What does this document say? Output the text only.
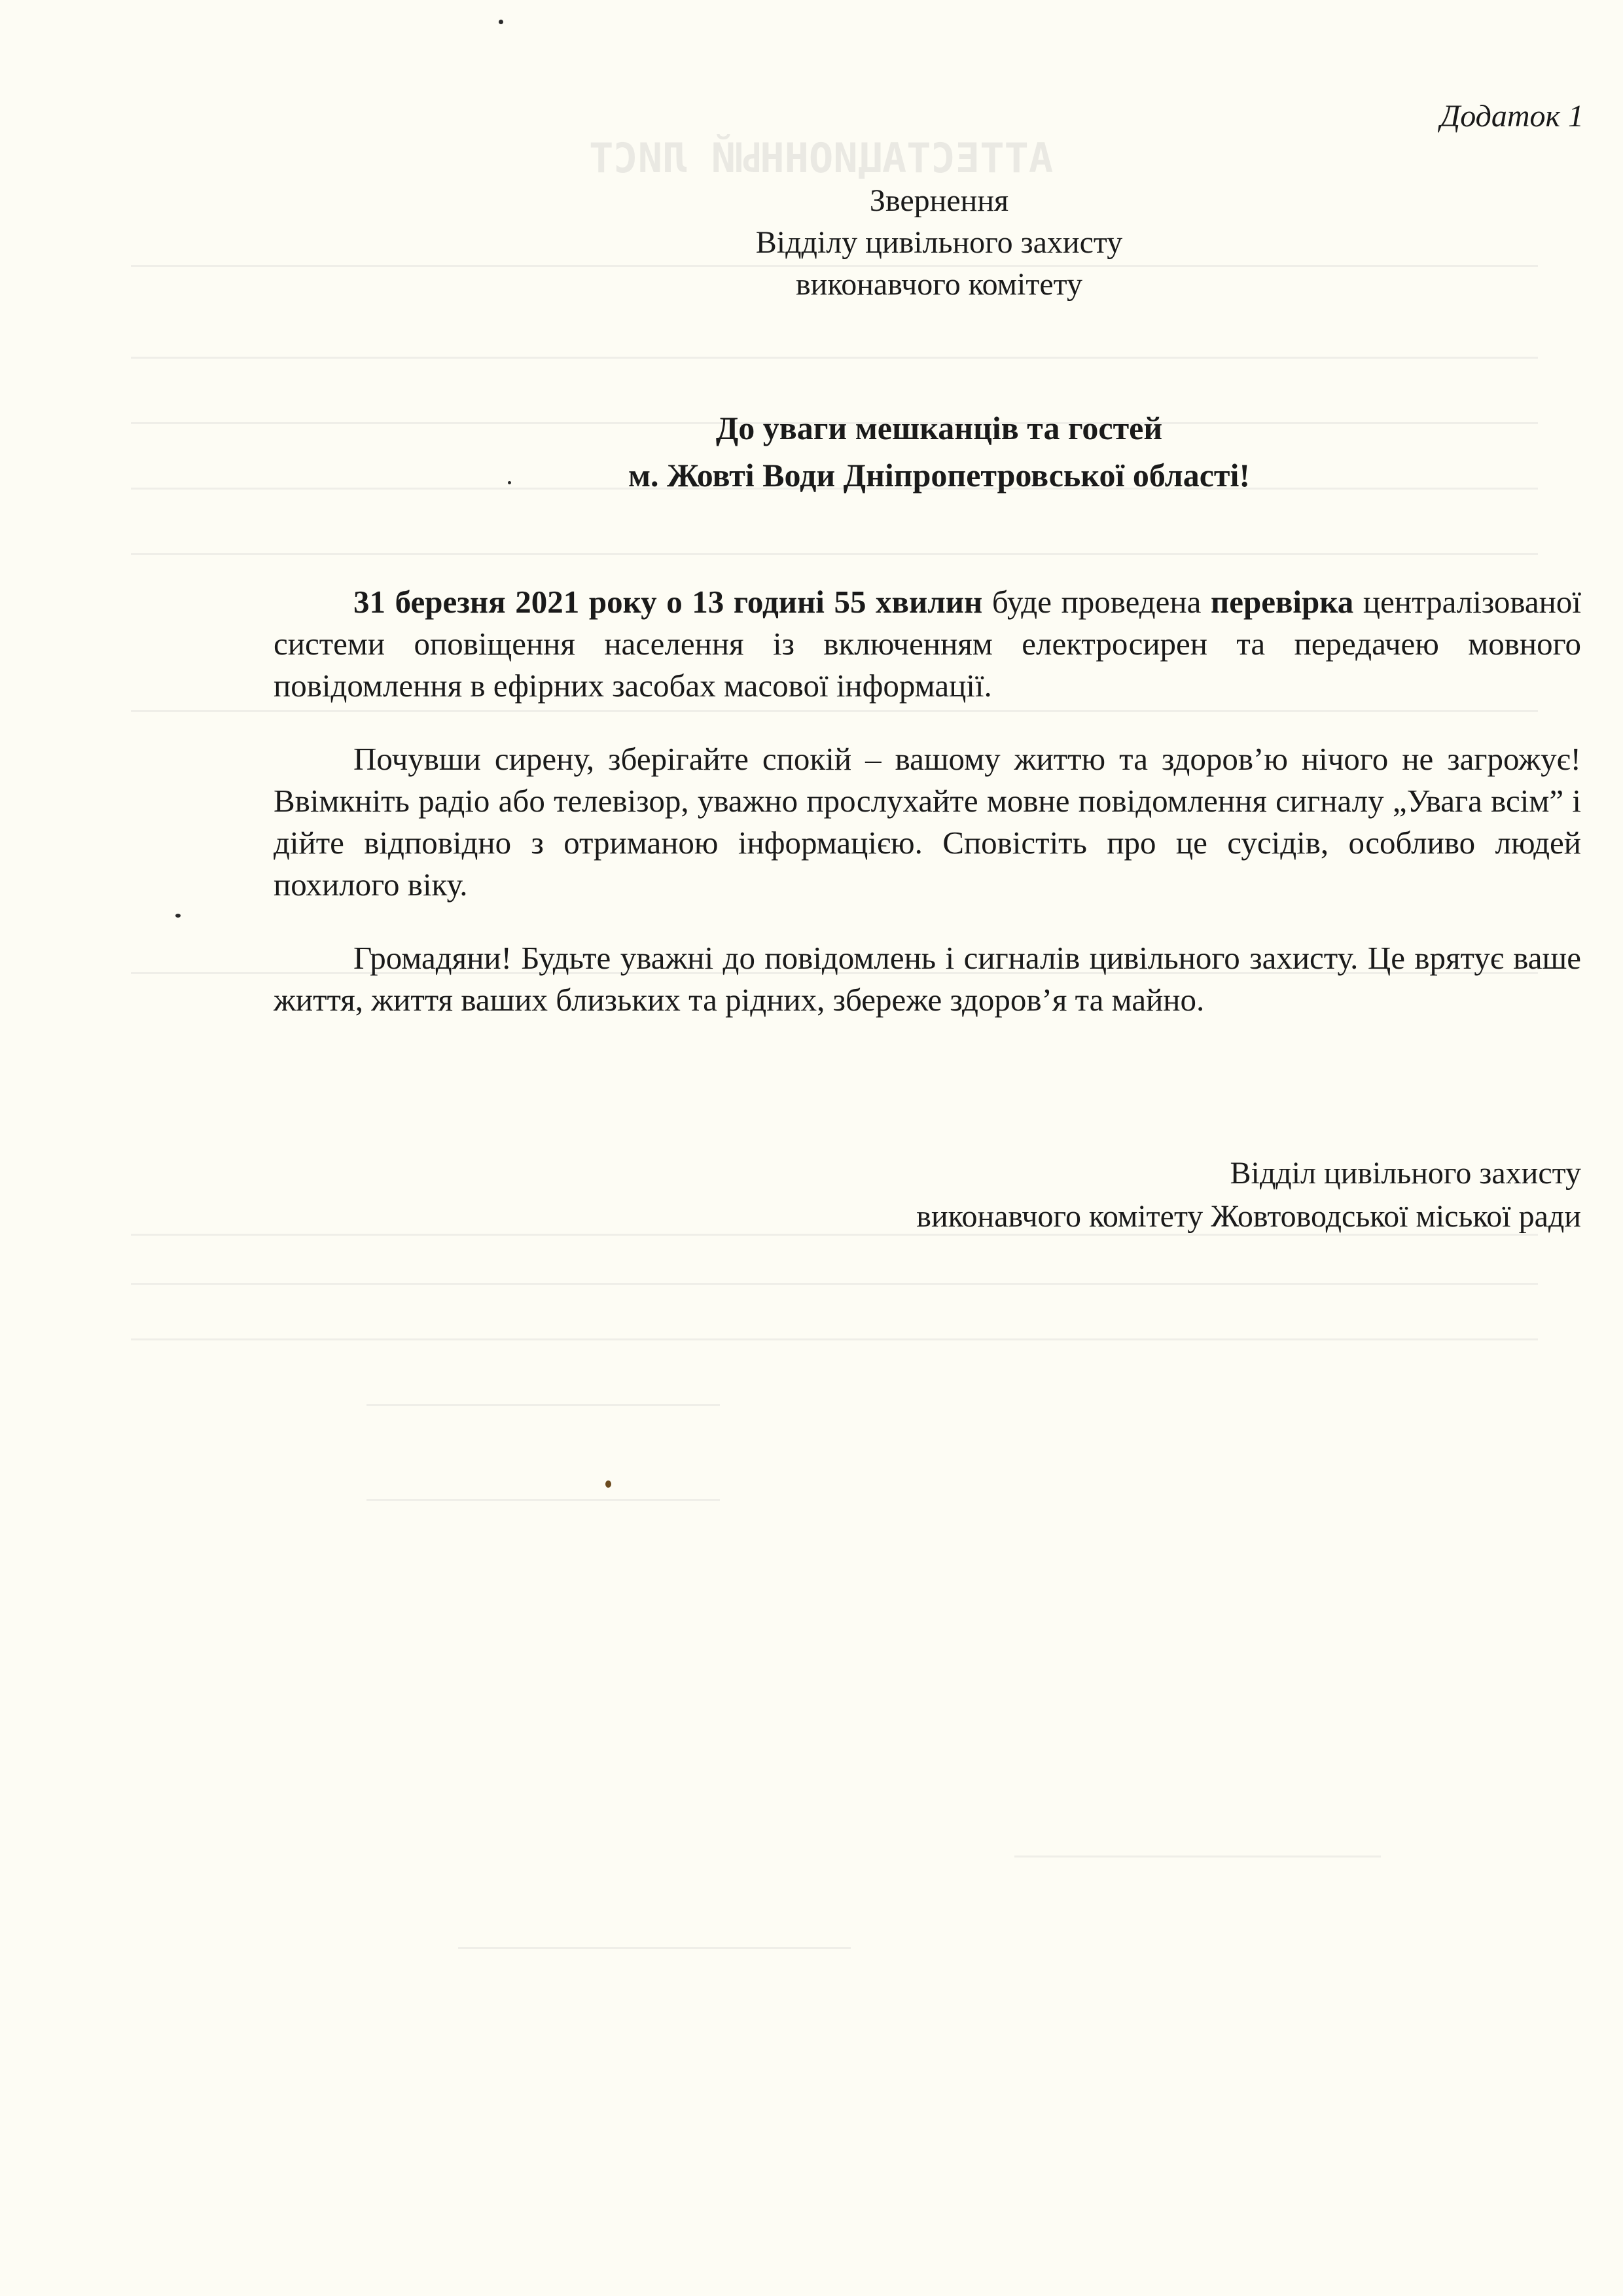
АТТЕСТАЦИОННЫЙ ЛИСТ
Додаток 1
Звернення
Відділу цивільного захисту
виконавчого комітету
До уваги мешканців та гостей
м. Жовті Води Дніпропетровської області!

31 березня 2021 року о 13 годині 55 хвилин буде проведена перевірка централізованої системи оповіщення населення із включенням електросирен та передачею мовного повідомлення в ефірних засобах масової інформації.

Почувши сирену, зберігайте спокій – вашому життю та здоров’ю нічого не загрожує! Ввімкніть радіо або телевізор, уважно прослухайте мовне повідомлення сигналу „Увага всім” і дійте відповідно з отриманою інформацією. Сповістіть про це сусідів, особливо людей похилого віку.

Громадяни! Будьте уважні до повідомлень і сигналів цивільного захисту. Це врятує ваше життя, життя ваших близьких та рідних, збереже здоров’я та майно.

Відділ цивільного захисту
виконавчого комітету Жовтоводської міської ради
